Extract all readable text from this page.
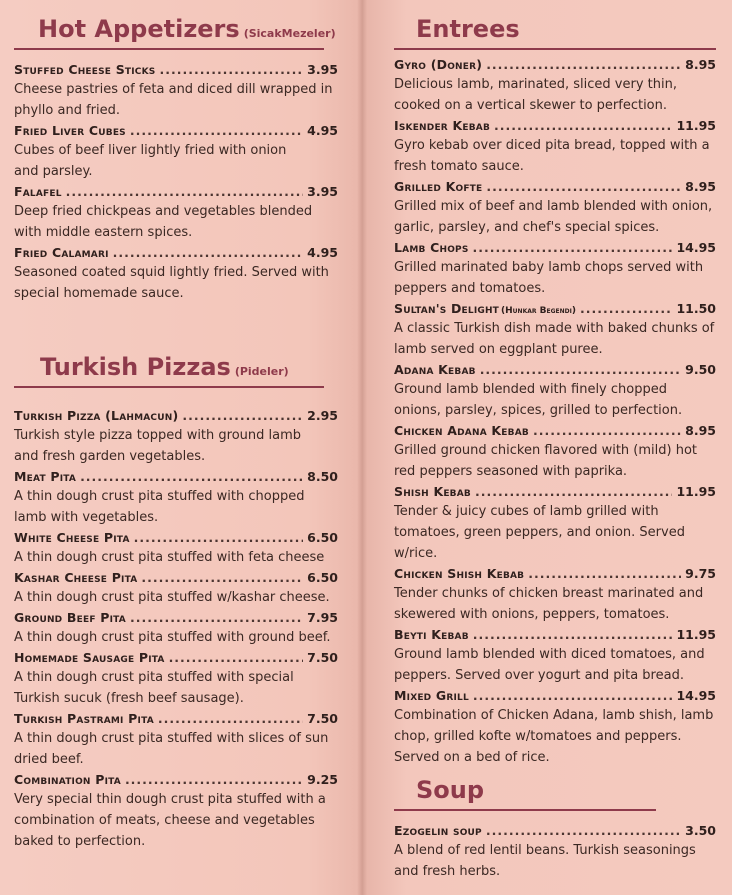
Hot Appetizers (SicakMezeler)
Stuffed Cheese Sticks .....	3.95
Cheese pastries of feta and diced dill wrapped in phyllo and fried.
Fried Liver Cubes .....	4.95
Cubes of beef liver lightly fried with onion and parsley.
Falafel .....	3.95
Deep fried chickpeas and vegetables blended with middle eastern spices.
Fried Calamari .....	4.95
Seasoned coated squid lightly fried. Served with special homemade sauce.
Turkish Pizzas (Pideler)
Turkish Pizza (Lahmacun) .....	2.95
Turkish style pizza topped with ground lamb and fresh garden vegetables.
Meat Pita .....	8.50
A thin dough crust pita stuffed with chopped lamb with vegetables.
White Cheese Pita .....	6.50
A thin dough crust pita stuffed with feta cheese
Kashar Cheese Pita .....	6.50
A thin dough crust pita stuffed w/kashar cheese.
Ground Beef Pita .....	7.95
A thin dough crust pita stuffed with ground beef.
Homemade Sausage Pita .....	7.50
A thin dough crust pita stuffed with special Turkish sucuk (fresh beef sausage).
Turkish Pastrami Pita .....	7.50
A thin dough crust pita stuffed with slices of sun dried beef.
Combination Pita .....	9.25
Very special thin dough crust pita stuffed with a combination of meats, cheese and vegetables baked to perfection.
Entrees
Gyro (Doner) .....	8.95
Delicious lamb, marinated, sliced very thin, cooked on a vertical skewer to perfection.
Iskender Kebab .....	11.95
Gyro kebab over diced pita bread, topped with a fresh tomato sauce.
Grilled Kofte .....	8.95
Grilled mix of beef and lamb blended with onion, garlic, parsley, and chef's special spices.
Lamb Chops .....	14.95
Grilled marinated baby lamb chops served with peppers and tomatoes.
Sultan's Delight (Hunkar Begendi) .....	11.50
A classic Turkish dish made with baked chunks of lamb served on eggplant puree.
Adana Kebab .....	9.50
Ground lamb blended with finely chopped onions, parsley, spices, grilled to perfection.
Chicken Adana Kebab .....	8.95
Grilled ground chicken flavored with (mild) hot red peppers seasoned with paprika.
Shish Kebab .....	11.95
Tender & juicy cubes of lamb grilled with tomatoes, green peppers, and onion. Served w/rice.
Chicken Shish Kebab .....	9.75
Tender chunks of chicken breast marinated and skewered with onions, peppers, tomatoes.
Beyti Kebab .....	11.95
Ground lamb blended with diced tomatoes, and peppers. Served over yogurt and pita bread.
Mixed Grill .....	14.95
Combination of Chicken Adana, lamb shish, lamb chop, grilled kofte w/tomatoes and peppers. Served on a bed of rice.
Soup
Ezogelin soup .....	3.50
A blend of red lentil beans. Turkish seasonings and fresh herbs.
